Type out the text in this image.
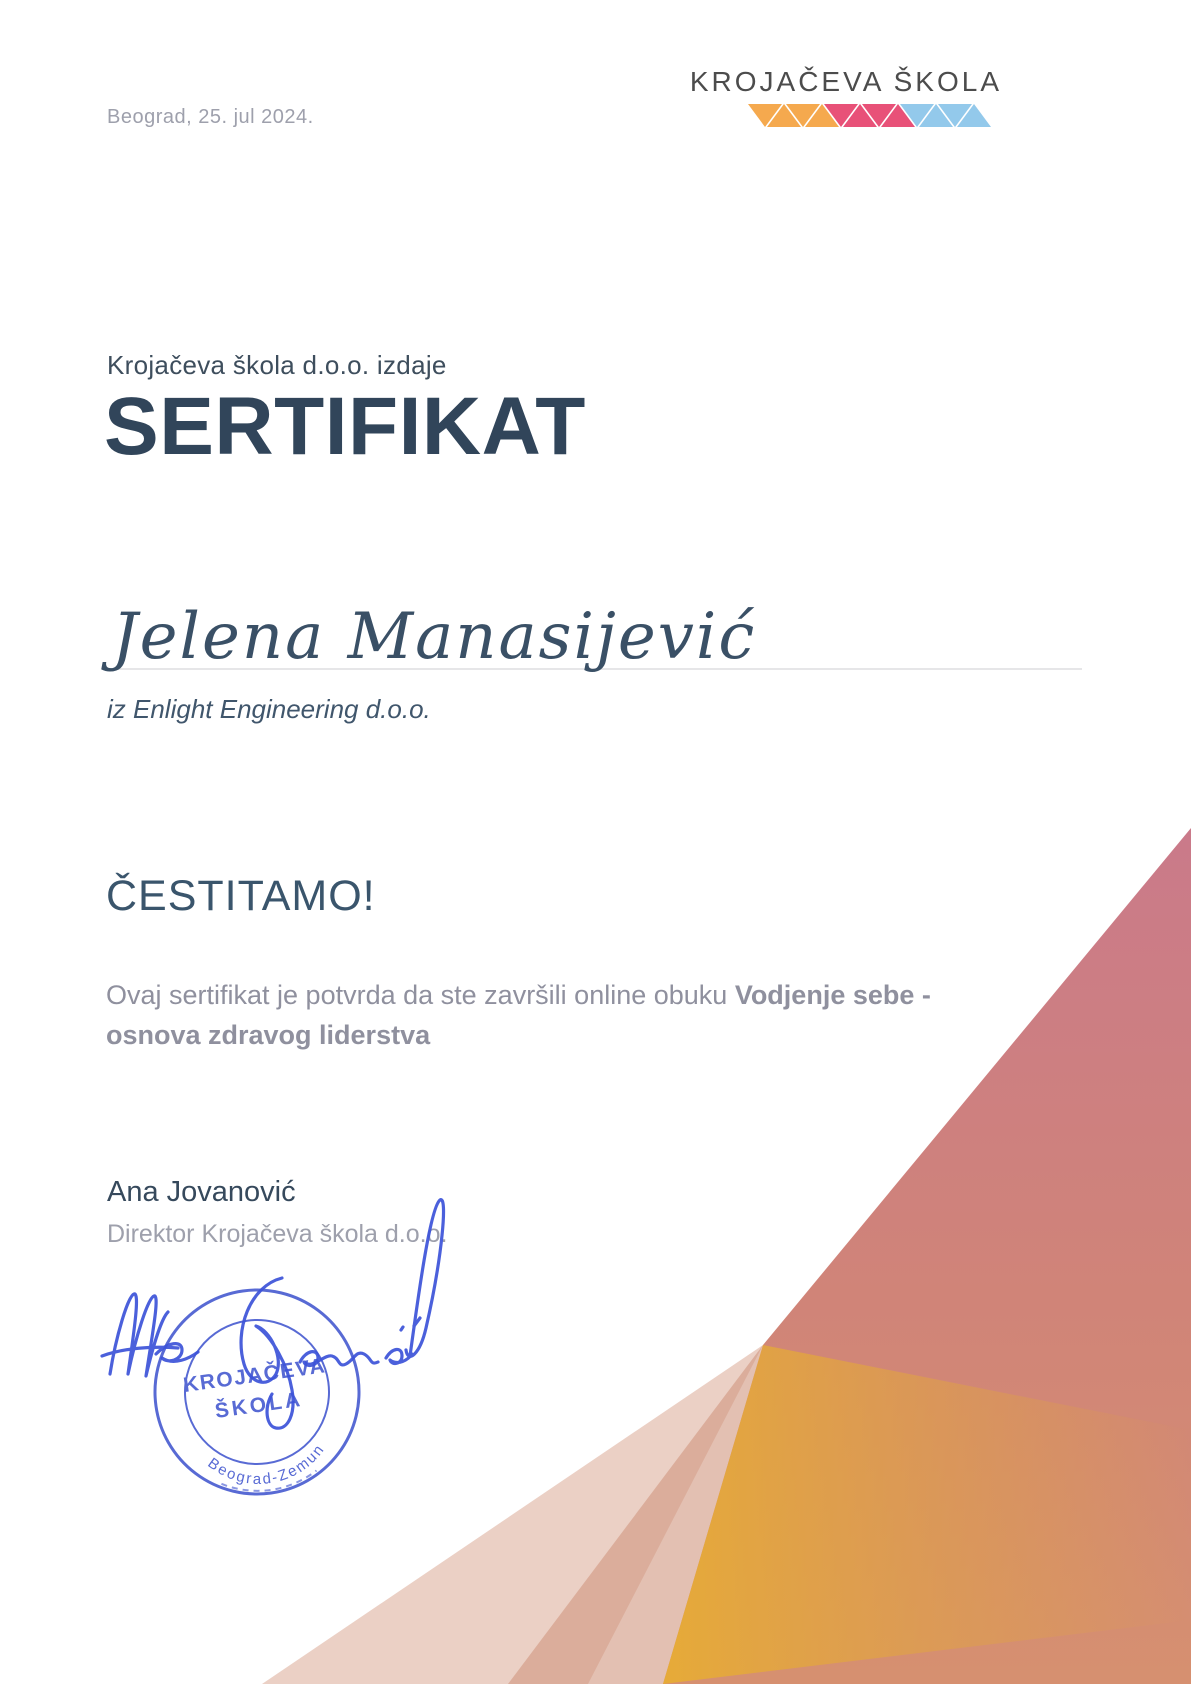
Beograd, 25. jul 2024.
KROJAČEVA ŠKOLA
Krojačeva škola d.o.o. izdaje
SERTIFIKAT
Jelena Manasijević
iz Enlight Engineering d.o.o.
ČESTITAMO!

Ovaj sertifikat je potvrda da ste završili online obuku Vodjenje sebe -
osnova zdravog liderstva

Ana Jovanović
Direktor Krojačeva škola d.o.o.
KROJAČEVA
ŠKOLA
Beograd-Zemun
